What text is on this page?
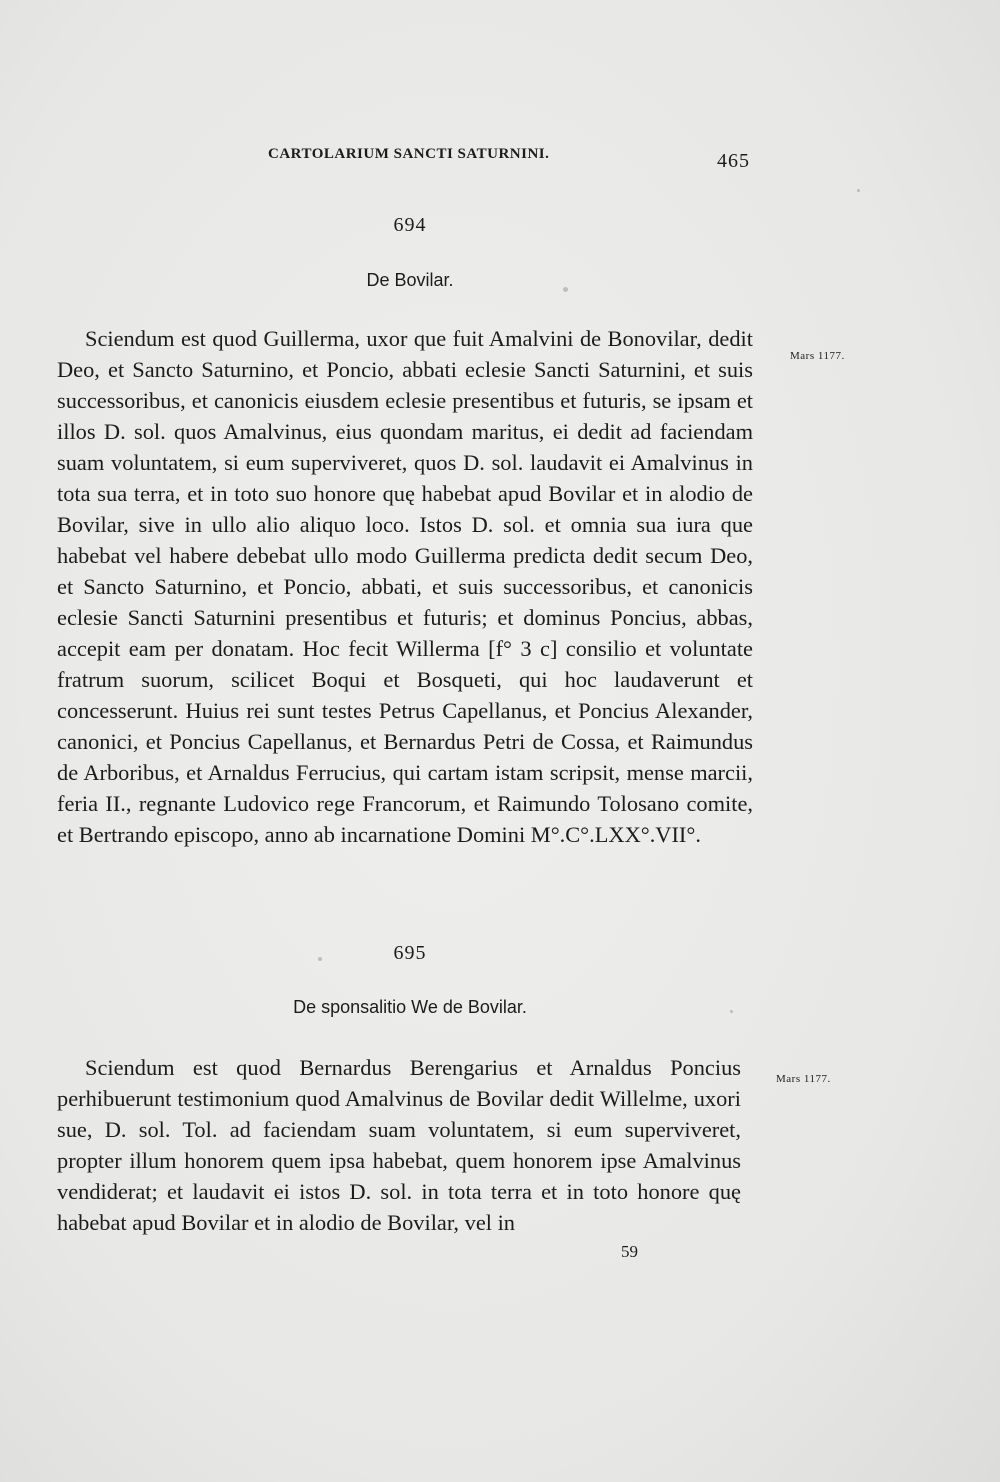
CARTOLARIUM SANCTI SATURNINI.	465
694
De Bovilar.
Mars 1177.

Sciendum est quod Guillerma, uxor que fuit Amalvini de Bonovilar, dedit Deo, et Sancto Saturnino, et Poncio, abbati eclesie Sancti Saturnini, et suis successoribus, et canonicis eiusdem eclesie presentibus et futuris, se ipsam et illos D. sol. quos Amalvinus, eius quondam maritus, ei dedit ad faciendam suam voluntatem, si eum superviveret, quos D. sol. laudavit ei Amalvinus in tota sua terra, et in toto suo honore quę habebat apud Bovilar et in alodio de Bovilar, sive in ullo alio aliquo loco. Istos D. sol. et omnia sua iura que habebat vel habere debebat ullo modo Guillerma predicta dedit secum Deo, et Sancto Saturnino, et Poncio, abbati, et suis successoribus, et canonicis eclesie Sancti Saturnini presentibus et futuris; et dominus Poncius, abbas, accepit eam per donatam. Hoc fecit Willerma [f° 3 c] consilio et voluntate fratrum suorum, scilicet Boqui et Bosqueti, qui hoc laudaverunt et concesserunt. Huius rei sunt testes Petrus Capellanus, et Poncius Alexander, canonici, et Poncius Capellanus, et Bernardus Petri de Cossa, et Raimundus de Arboribus, et Arnaldus Ferrucius, qui cartam istam scripsit, mense marcii, feria II., regnante Ludovico rege Francorum, et Raimundo Tolosano comite, et Bertrando episcopo, anno ab incarnatione Domini M°.C°.LXX°.VII°.

695
De sponsalitio We de Bovilar.
Mars 1177.

Sciendum est quod Bernardus Berengarius et Arnaldus Poncius perhibuerunt testimonium quod Amalvinus de Bovilar dedit Willelme, uxori sue, D. sol. Tol. ad faciendam suam voluntatem, si eum superviveret, propter illum honorem quem ipsa habebat, quem honorem ipse Amalvinus vendiderat; et laudavit ei istos D. sol. in tota terra et in toto honore quę habebat apud Bovilar et in alodio de Bovilar, vel in

59
